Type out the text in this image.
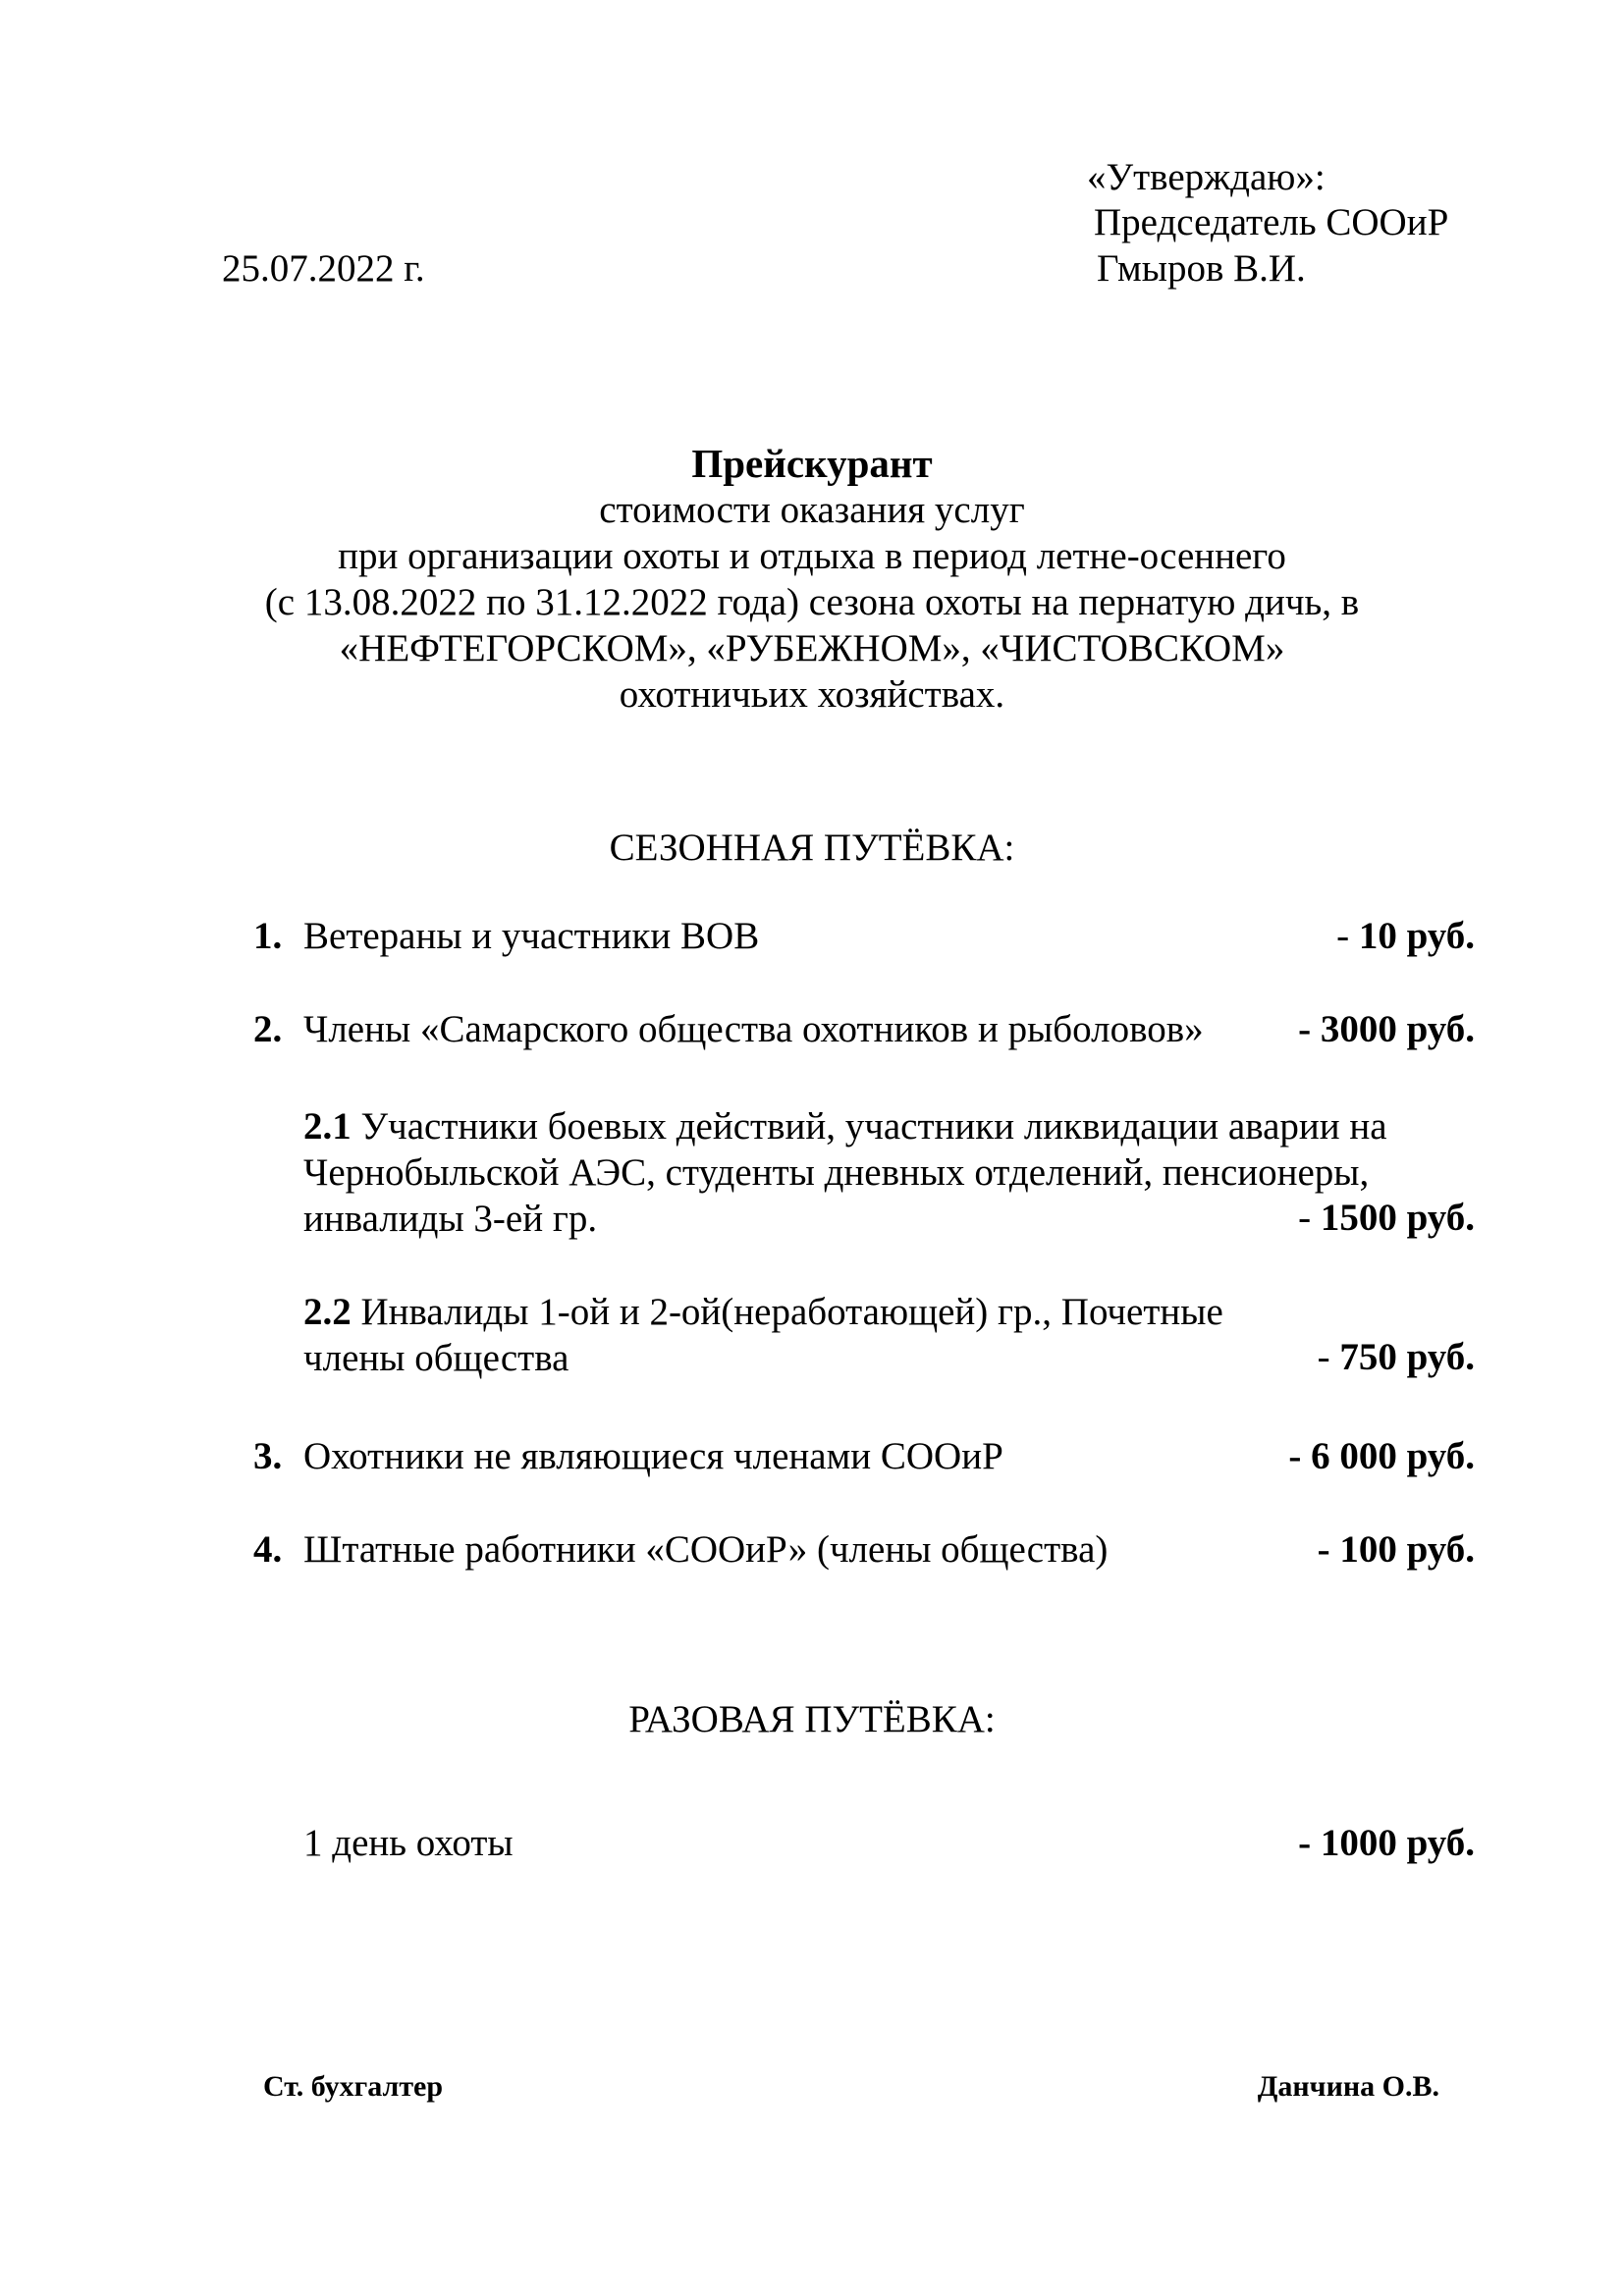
«Утверждаю»:
Председатель СООиР
Гмыров В.И.
25.07.2022 г.
Прейскурант
стоимости оказания услуг
при организации охоты и отдыха в период летне-осеннего
(с 13.08.2022 по 31.12.2022 года) сезона охоты на пернатую дичь, в
«НЕФТЕГОРСКОМ», «РУБЕЖНОМ», «ЧИСТОВСКОМ»
охотничьих хозяйствах.
СЕЗОННАЯ ПУТЁВКА:
1. Ветераны и участники ВОВ	- 10 руб.
2. Члены «Самарского общества охотников и рыболовов» - 3000 руб.
2.1 Участники боевых действий, участники ликвидации аварии на
Чернобыльской АЭС, студенты дневных отделений, пенсионеры,
инвалиды 3-ей гр.	- 1500 руб.
2.2 Инвалиды 1-ой и 2-ой(неработающей) гр., Почетные
члены общества	- 750 руб.
3. Охотники не являющиеся членами СООиР	- 6 000 руб.
4. Штатные работники «СООиР» (члены общества)	- 100 руб.
РАЗОВАЯ ПУТЁВКА:
1 день охоты	- 1000 руб.
Ст. бухгалтер	Данчина О.В.
